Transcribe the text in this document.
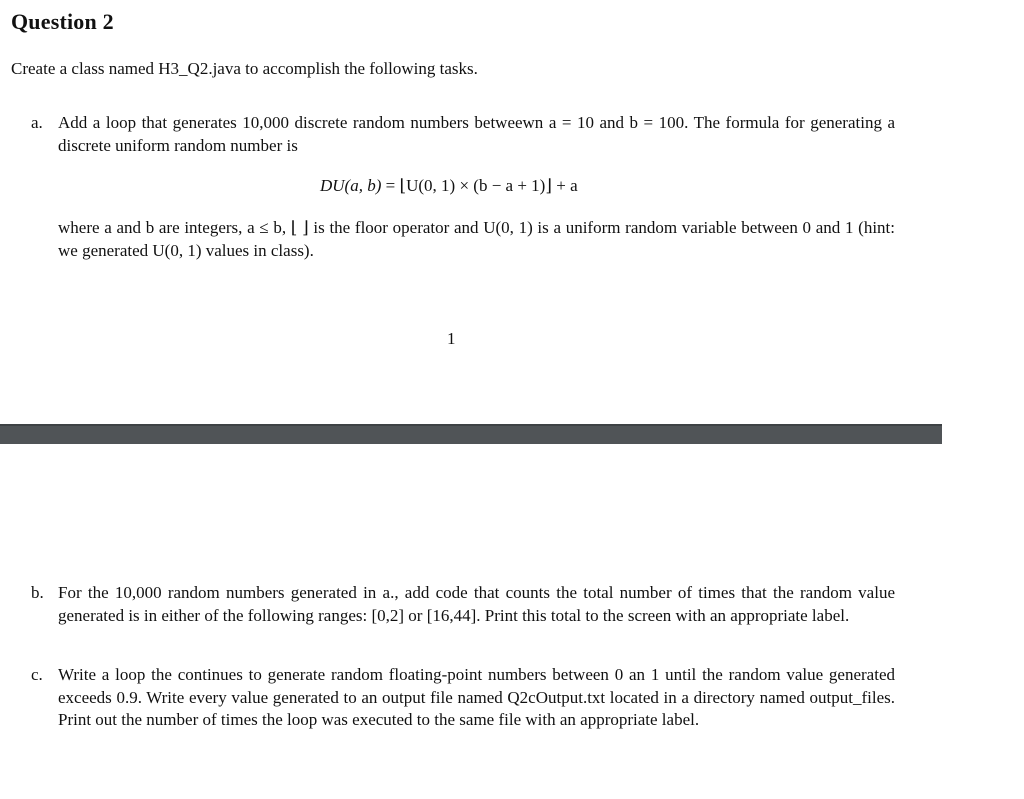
Question 2
Create a class named H3_Q2.java to accomplish the following tasks.
a. Add a loop that generates 10,000 discrete random numbers betweewn a = 10 and b = 100. The formula for generating a discrete uniform random number is
DU(a, b) = ⌊U(0, 1) × (b − a + 1)⌋ + a
where a and b are integers, a ≤ b, ⌊ ⌋ is the floor operator and U(0, 1) is a uniform random variable between 0 and 1 (hint: we generated U(0, 1) values in class).
1
b. For the 10,000 random numbers generated in a., add code that counts the total number of times that the random value generated is in either of the following ranges: [0,2] or [16,44]. Print this total to the screen with an appropriate label.
c. Write a loop the continues to generate random floating-point numbers between 0 an 1 until the random value generated exceeds 0.9. Write every value generated to an output file named Q2cOutput.txt located in a directory named output_files. Print out the number of times the loop was executed to the same file with an appropriate label.
